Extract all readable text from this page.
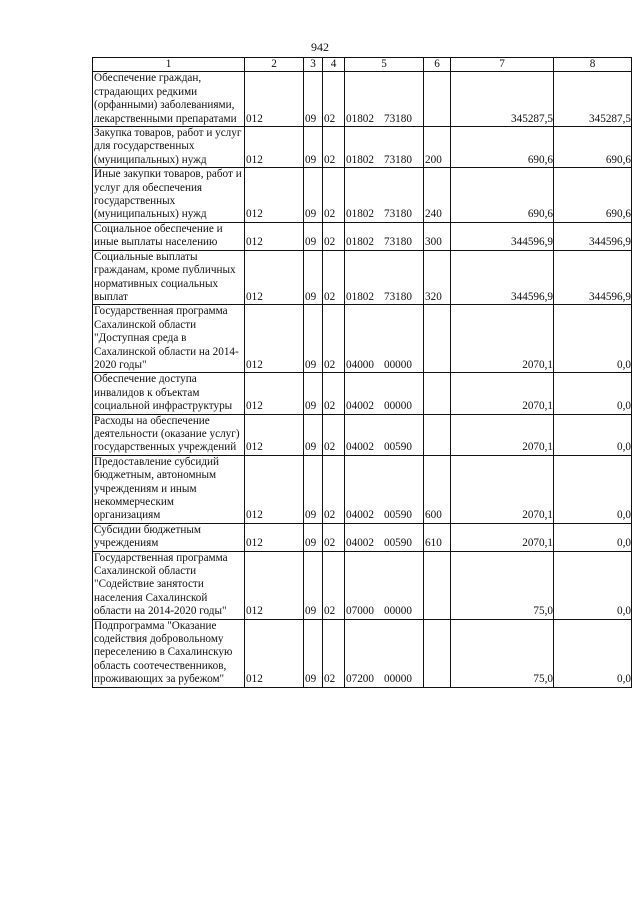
942
1	2	3	4	5	6	7	8
Обеспечение граждан, страдающих редкими (орфанными) заболеваниями, лекарственными препаратами	012	09	02	01802 73180		345287,5	345287,5
Закупка товаров, работ и услуг для государственных (муниципальных) нужд	012	09	02	01802 73180	200	690,6	690,6
Иные закупки товаров, работ и услуг для обеспечения государственных (муниципальных) нужд	012	09	02	01802 73180	240	690,6	690,6
Социальное обеспечение и иные выплаты населению	012	09	02	01802 73180	300	344596,9	344596,9
Социальные выплаты гражданам, кроме публичных нормативных социальных выплат	012	09	02	01802 73180	320	344596,9	344596,9
Государственная программа Сахалинской области "Доступная среда в Сахалинской области на 2014-2020 годы"	012	09	02	04000 00000		2070,1	0,0
Обеспечение доступа инвалидов к объектам социальной инфраструктуры	012	09	02	04002 00000		2070,1	0,0
Расходы на обеспечение деятельности (оказание услуг) государственных учреждений	012	09	02	04002 00590		2070,1	0,0
Предоставление субсидий бюджетным, автономным учреждениям и иным некоммерческим организациям	012	09	02	04002 00590	600	2070,1	0,0
Субсидии бюджетным учреждениям	012	09	02	04002 00590	610	2070,1	0,0
Государственная программа Сахалинской области "Содействие занятости населения Сахалинской области на 2014-2020 годы"	012	09	02	07000 00000		75,0	0,0
Подпрограмма "Оказание содействия добровольному переселению в Сахалинскую область соотечественников, проживающих за рубежом"	012	09	02	07200 00000		75,0	0,0
